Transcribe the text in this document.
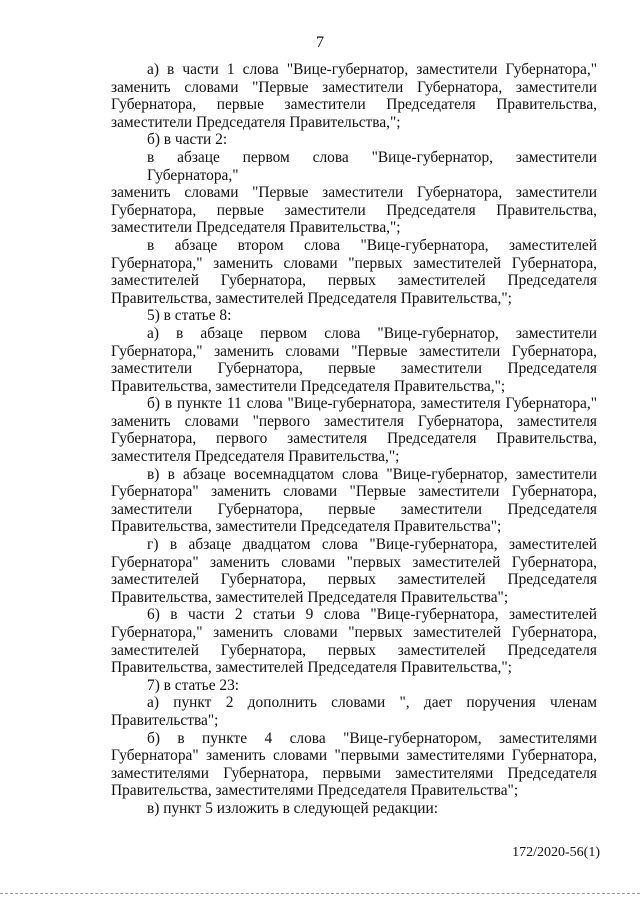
7
а) в части 1 слова "Вице-губернатор, заместители Губернатора,"
заменить словами "Первые заместители Губернатора, заместители
Губернатора, первые заместители Председателя Правительства,
заместители Председателя Правительства,";
б) в части 2:
в абзаце первом слова "Вице-губернатор, заместители Губернатора,"
заменить словами "Первые заместители Губернатора, заместители
Губернатора, первые заместители Председателя Правительства,
заместители Председателя Правительства,";
в абзаце втором слова "Вице-губернатора, заместителей
Губернатора," заменить словами "первых заместителей Губернатора,
заместителей Губернатора, первых заместителей Председателя
Правительства, заместителей Председателя Правительства,";
5) в статье 8:
а) в абзаце первом слова "Вице-губернатор, заместители
Губернатора," заменить словами "Первые заместители Губернатора,
заместители Губернатора, первые заместители Председателя
Правительства, заместители Председателя Правительства,";
б) в пункте 11 слова "Вице-губернатора, заместителя Губернатора,"
заменить словами "первого заместителя Губернатора, заместителя
Губернатора, первого заместителя Председателя Правительства,
заместителя Председателя Правительства,";
в) в абзаце восемнадцатом слова "Вице-губернатор, заместители
Губернатора" заменить словами "Первые заместители Губернатора,
заместители Губернатора, первые заместители Председателя
Правительства, заместители Председателя Правительства";
г) в абзаце двадцатом слова "Вице-губернатора, заместителей
Губернатора" заменить словами "первых заместителей Губернатора,
заместителей Губернатора, первых заместителей Председателя
Правительства, заместителей Председателя Правительства";
6) в части 2 статьи 9 слова "Вице-губернатора, заместителей
Губернатора," заменить словами "первых заместителей Губернатора,
заместителей Губернатора, первых заместителей Председателя
Правительства, заместителей Председателя Правительства,";
7) в статье 23:
а) пункт 2 дополнить словами ", дает поручения членам
Правительства";
б) в пункте 4 слова "Вице-губернатором, заместителями
Губернатора" заменить словами "первыми заместителями Губернатора,
заместителями Губернатора, первыми заместителями Председателя
Правительства, заместителями Председателя Правительства";
в) пункт 5 изложить в следующей редакции:
172/2020-56(1)
